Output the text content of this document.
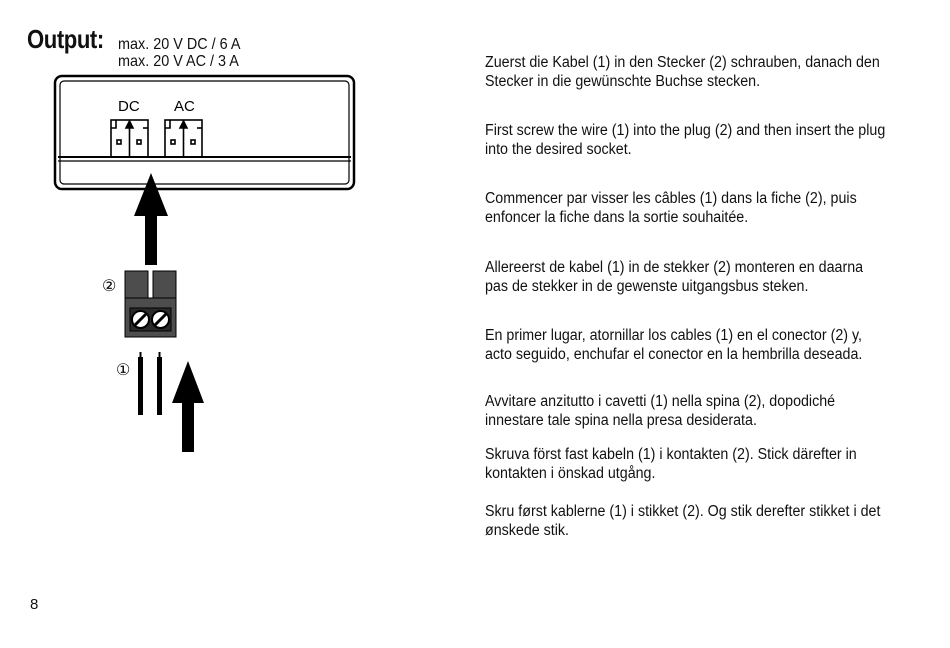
Output: max. 20 V DC / 6 A
max. 20 V AC / 3 A
DC AC
②
①
Zuerst die Kabel (1) in den Stecker (2) schrauben, danach den Stecker in die gewünschte Buchse stecken.
First screw the wire (1) into the plug (2) and then insert the plug into the desired socket.
Commencer par visser les câbles (1) dans la fiche (2), puis enfoncer la fiche dans la sortie souhaitée.
Allereerst de kabel (1) in de stekker (2) monteren en daarna pas de stekker in de gewenste uitgangsbus steken.
En primer lugar, atornillar los cables (1) en el conector (2) y, acto seguido, enchufar el conector en la hembrilla deseada.
Avvitare anzitutto i cavetti (1) nella spina (2), dopodiché innestare tale spina nella presa desiderata.
Skruva först fast kabeln (1) i kontakten (2). Stick därefter in kontakten i önskad utgång.
Skru først kablerne (1) i stikket (2). Og stik derefter stikket i det ønskede stik.
8
